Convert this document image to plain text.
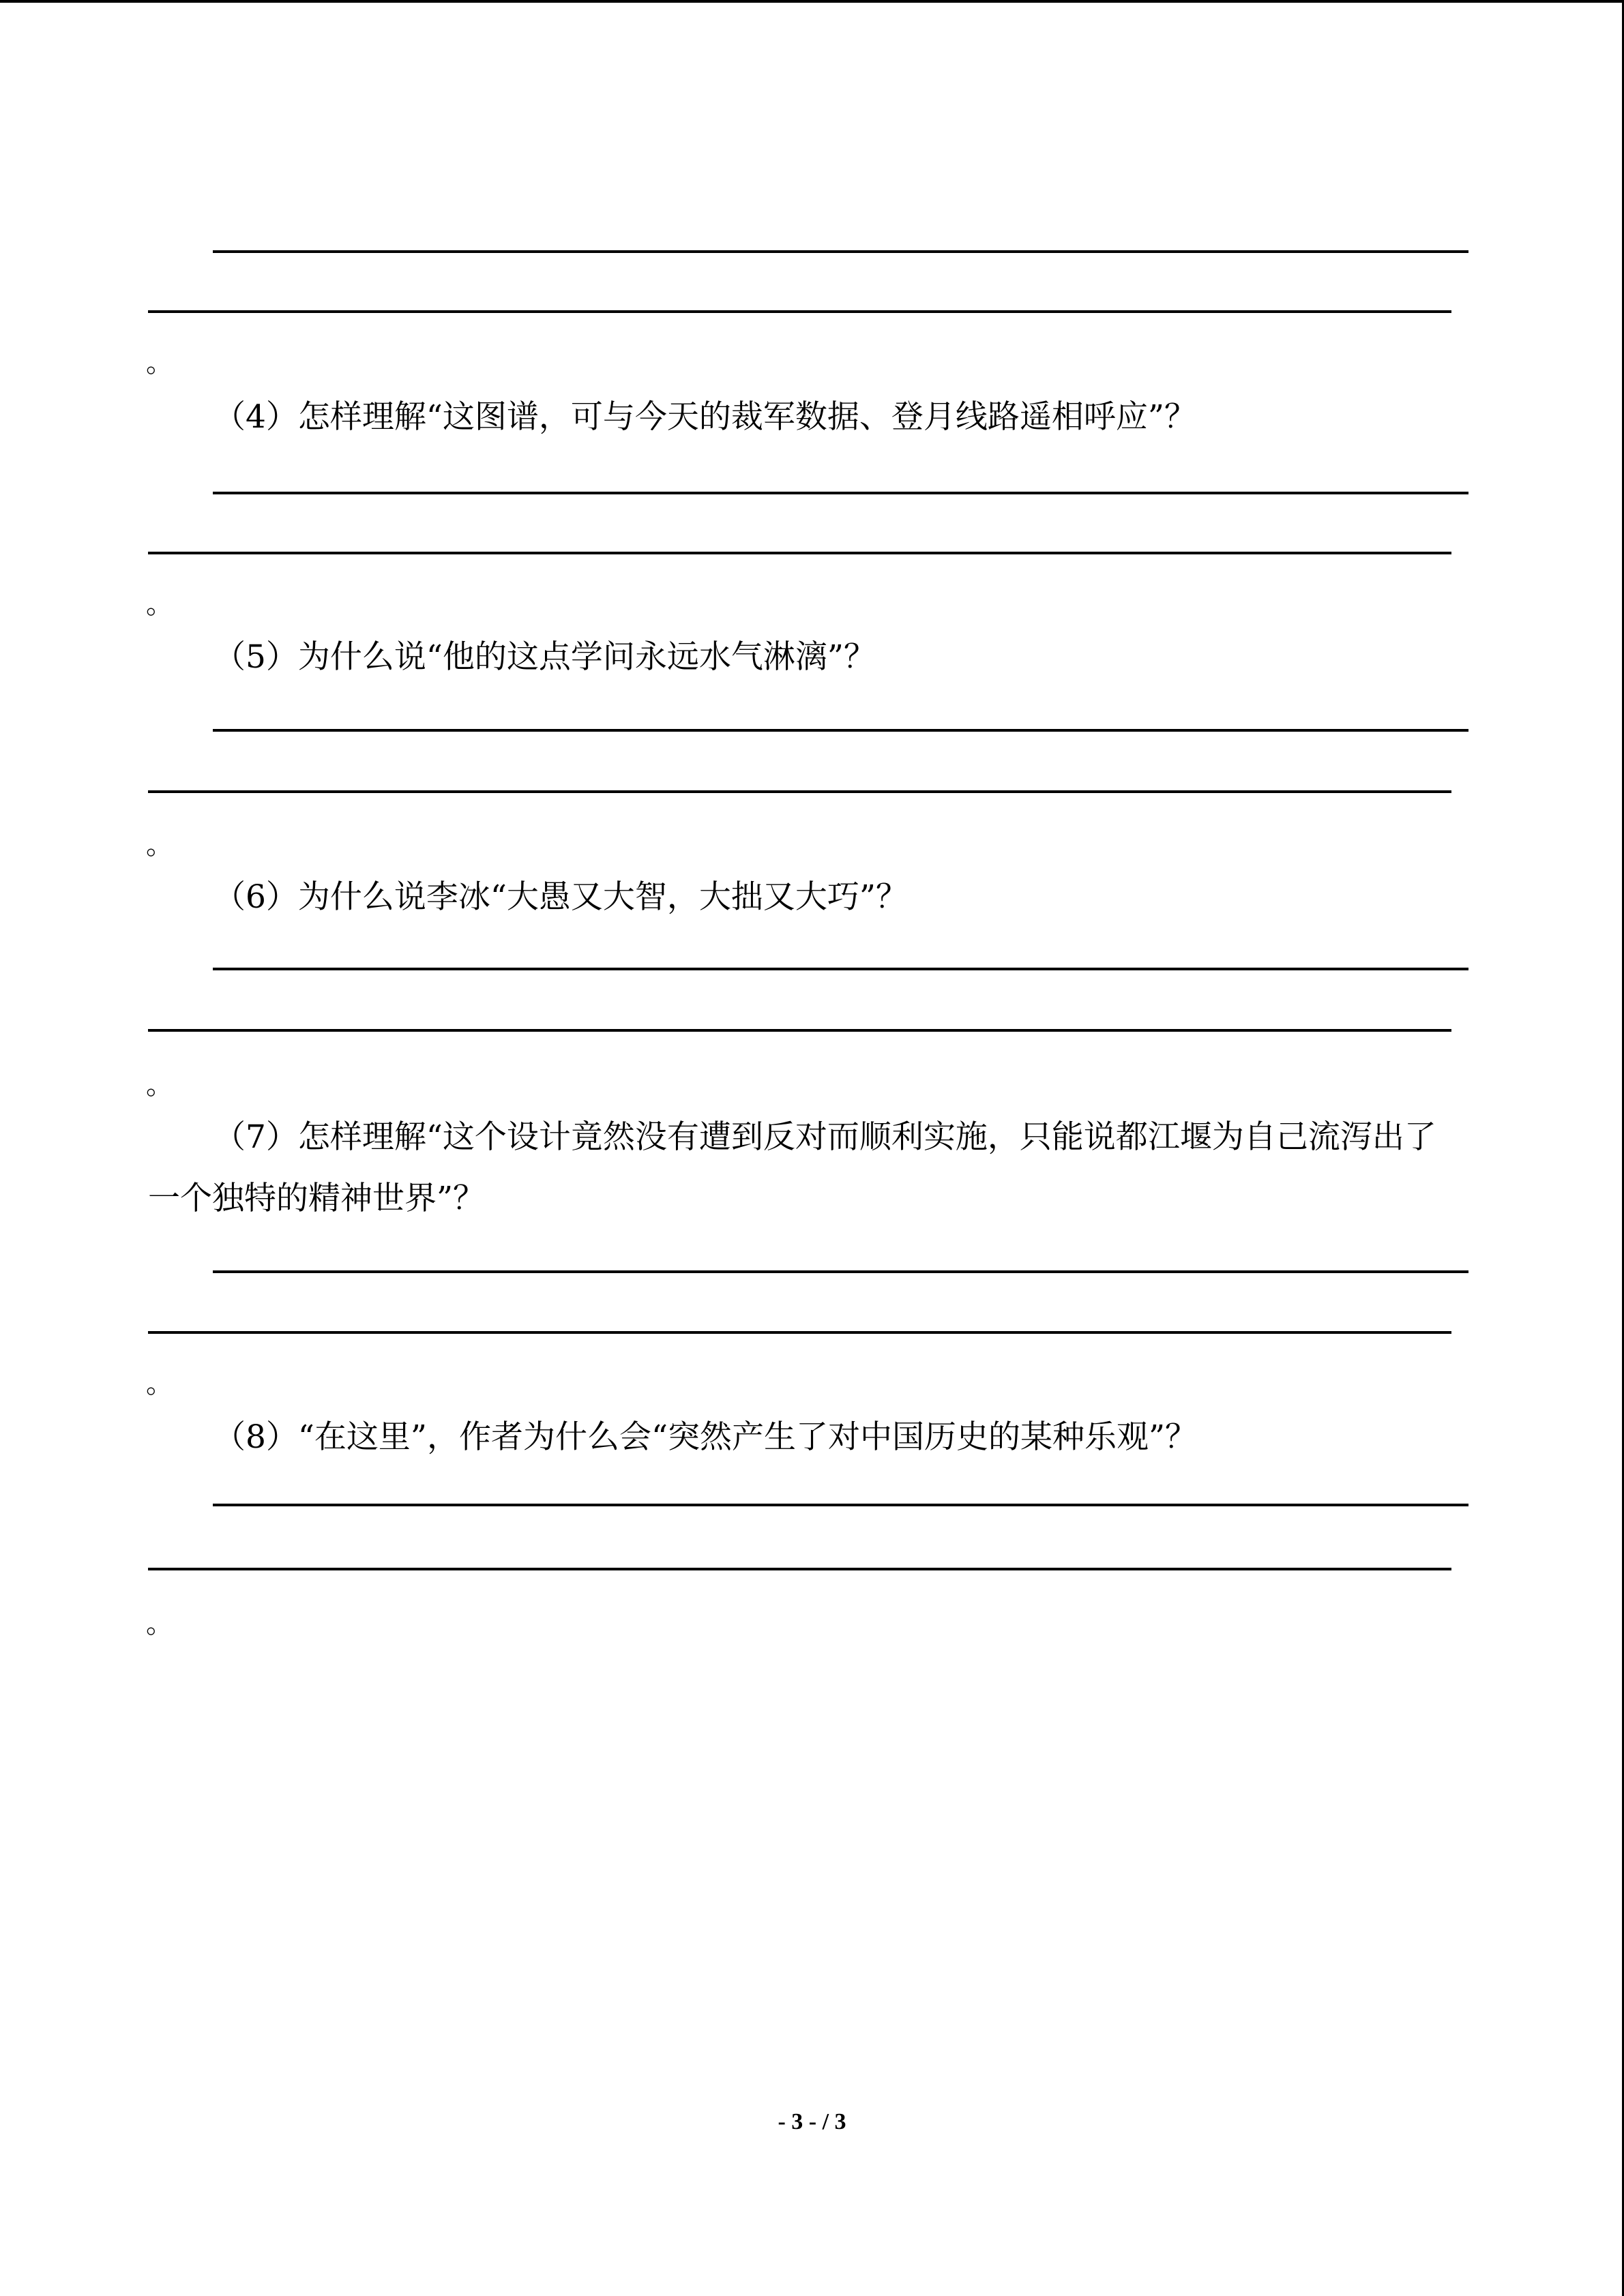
。
（4）怎样理解“这图谱，可与今天的裁军数据、登月线路遥相呼应”？
。
（5）为什么说“他的这点学问永远水气淋漓”？
。
（6）为什么说李冰“大愚又大智，大拙又大巧”？
。
（7）怎样理解“这个设计竟然没有遭到反对而顺利实施，只能说都江堰为自己流泻出了
一个独特的精神世界”？
。
（8）“在这里”，作者为什么会“突然产生了对中国历史的某种乐观”？
。
- 3 - / 3
